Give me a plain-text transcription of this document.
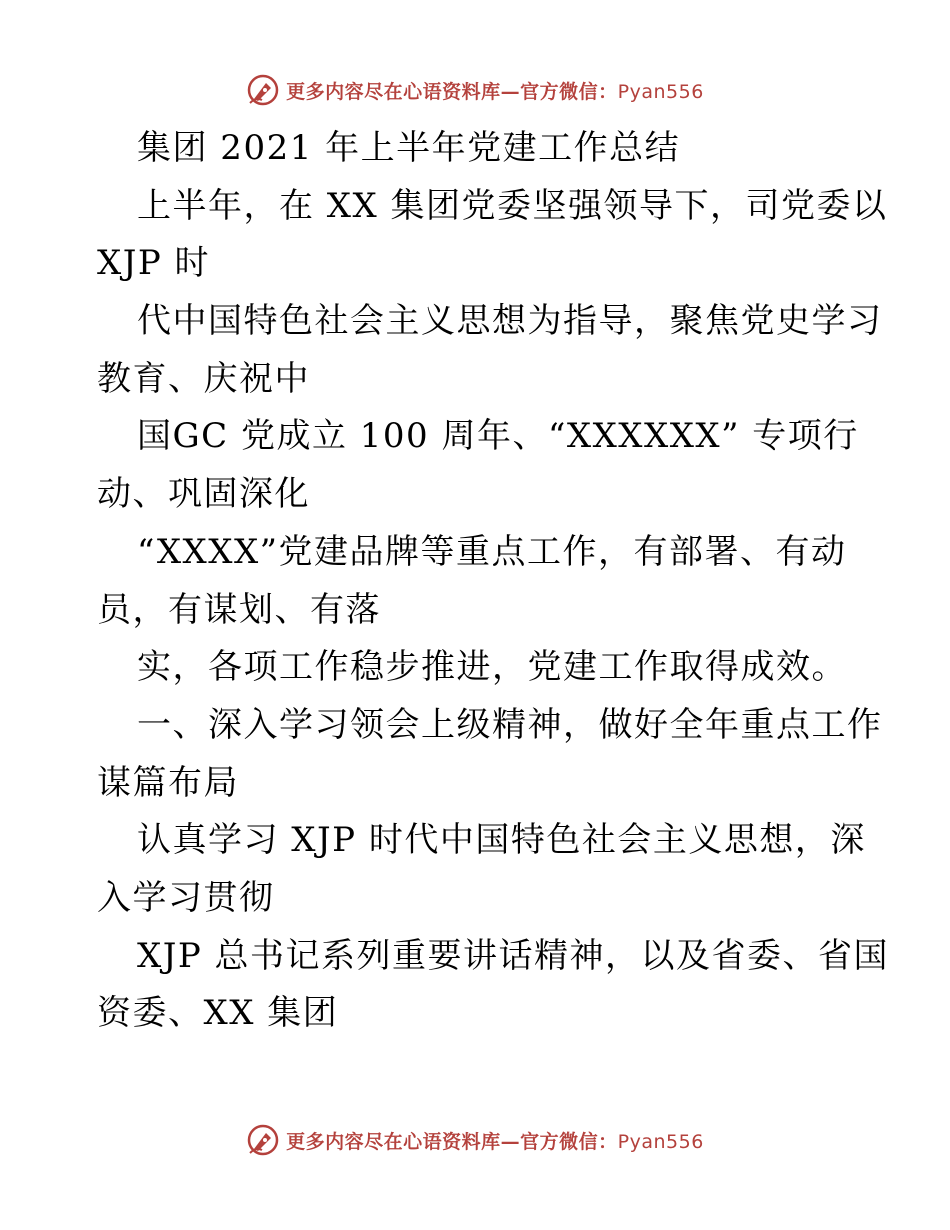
更多内容尽在心语资料库—官方微信：Pyan556
集团 2021 年上半年党建工作总结
上半年，在 XX 集团党委坚强领导下，司党委以
XJP 时
代中国特色社会主义思想为指导，聚焦党史学习
教育、庆祝中
国GC 党成立 100 周年、“XXXXXX” 专项行
动、巩固深化
“XXXX”党建品牌等重点工作，有部署、有动
员，有谋划、有落
实，各项工作稳步推进，党建工作取得成效。
一、深入学习领会上级精神，做好全年重点工作
谋篇布局
认真学习 XJP 时代中国特色社会主义思想，深
入学习贯彻
XJP 总书记系列重要讲话精神，以及省委、省国
资委、XX 集团
更多内容尽在心语资料库—官方微信：Pyan556
